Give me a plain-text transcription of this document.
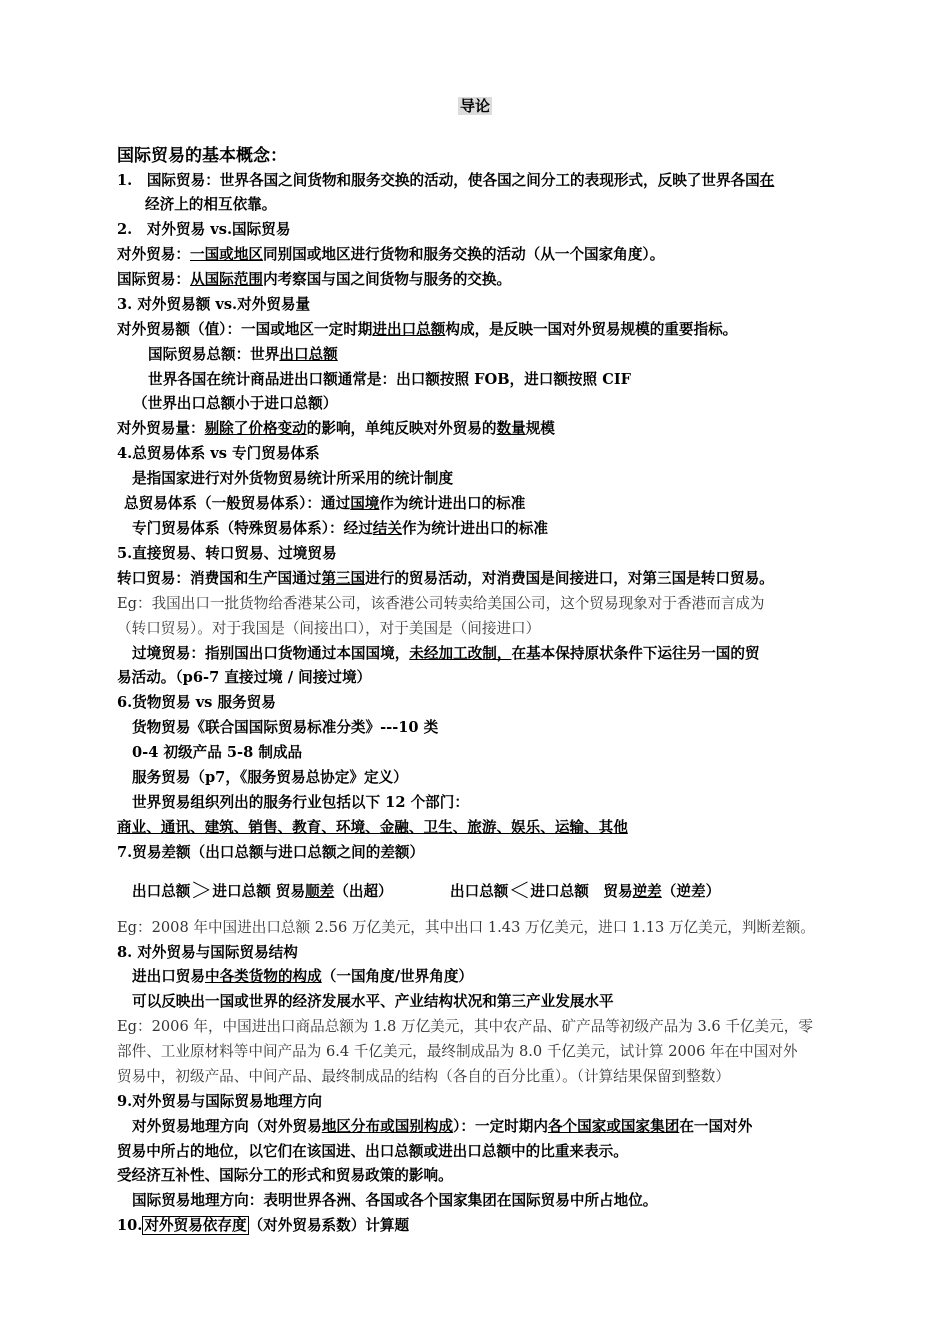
导论
国际贸易的基本概念：
1.　国际贸易：世界各国之间货物和服务交换的活动，使各国之间分工的表现形式，反映了世界各国在
经济上的相互依靠。
2.　对外贸易 vs.国际贸易
对外贸易：一国或地区同别国或地区进行货物和服务交换的活动（从一个国家角度）。
国际贸易：从国际范围内考察国与国之间货物与服务的交换。
3. 对外贸易额 vs.对外贸易量
对外贸易额（值）：一国或地区一定时期进出口总额构成，是反映一国对外贸易规模的重要指标。
国际贸易总额：世界出口总额
世界各国在统计商品进出口额通常是：出口额按照 FOB，进口额按照 CIF
（世界出口总额小于进口总额）
对外贸易量：剔除了价格变动的影响，单纯反映对外贸易的数量规模
4.总贸易体系 vs 专门贸易体系
是指国家进行对外货物贸易统计所采用的统计制度
总贸易体系（一般贸易体系）：通过国境作为统计进出口的标准
专门贸易体系（特殊贸易体系）：经过结关作为统计进出口的标准
5.直接贸易、转口贸易、过境贸易
转口贸易：消费国和生产国通过第三国进行的贸易活动，对消费国是间接进口，对第三国是转口贸易。
Eg：我国出口一批货物给香港某公司，该香港公司转卖给美国公司，这个贸易现象对于香港而言成为
（转口贸易）。对于我国是（间接出口），对于美国是（间接进口）
过境贸易：指别国出口货物通过本国国境，未经加工改制，在基本保持原状条件下运往另一国的贸
易活动。（p6-7 直接过境 / 间接过境）
6.货物贸易 vs 服务贸易
货物贸易《联合国国际贸易标准分类》---10 类
0-4 初级产品 5-8 制成品
服务贸易（p7，《服务贸易总协定》定义）
世界贸易组织列出的服务行业包括以下 12 个部门：
商业、通讯、建筑、销售、教育、环境、金融、卫生、旅游、娱乐、运输、其他
7.贸易差额（出口总额与进口总额之间的差额）
出口总额＞进口总额 贸易顺差（出超）	出口总额＜进口总额　贸易逆差（逆差）
Eg：2008 年中国进出口总额 2.56 万亿美元，其中出口 1.43 万亿美元，进口 1.13 万亿美元，判断差额。
8. 对外贸易与国际贸易结构
进出口贸易中各类货物的构成（一国角度/世界角度）
可以反映出一国或世界的经济发展水平、产业结构状况和第三产业发展水平
Eg：2006 年，中国进出口商品总额为 1.8 万亿美元，其中农产品、矿产品等初级产品为 3.6 千亿美元，零
部件、工业原材料等中间产品为 6.4 千亿美元，最终制成品为 8.0 千亿美元，试计算 2006 年在中国对外
贸易中，初级产品、中间产品、最终制成品的结构（各自的百分比重）。（计算结果保留到整数）
9.对外贸易与国际贸易地理方向
对外贸易地理方向（对外贸易地区分布或国别构成）：一定时期内各个国家或国家集团在一国对外
贸易中所占的地位，以它们在该国进、出口总额或进出口总额中的比重来表示。
受经济互补性、国际分工的形式和贸易政策的影响。
国际贸易地理方向：表明世界各洲、各国或各个国家集团在国际贸易中所占地位。
10. 对外贸易依存度 （对外贸易系数）计算题
